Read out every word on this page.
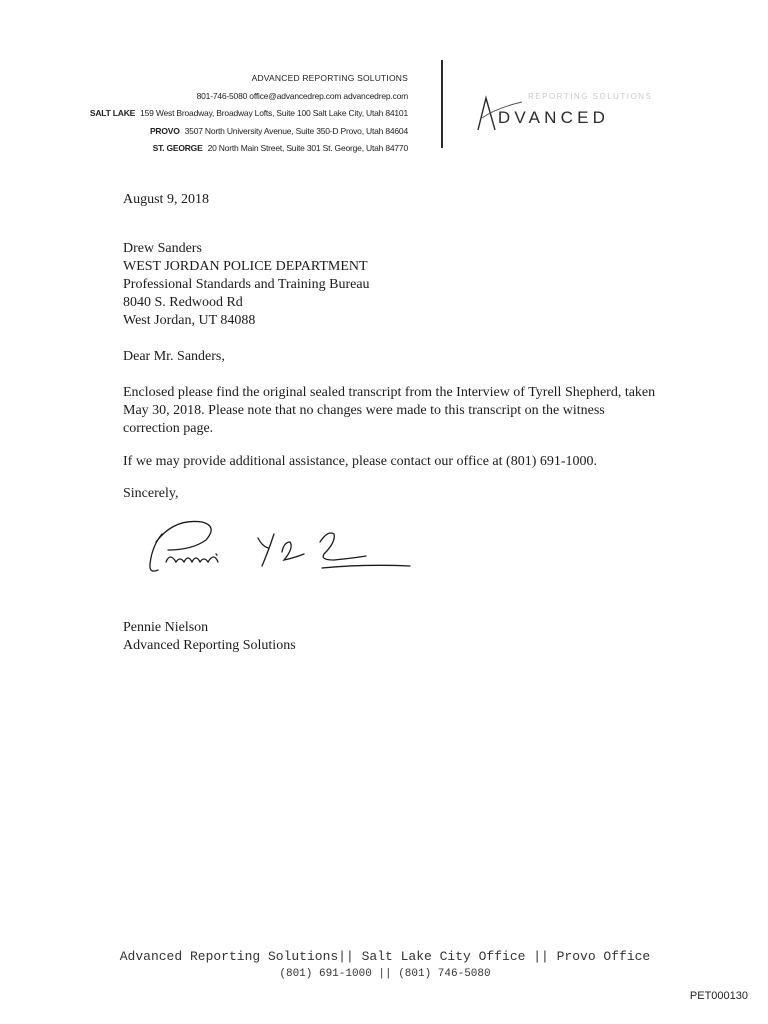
ADVANCED REPORTING SOLUTIONS
801-746-5080 office@advancedrep.com advancedrep.com
SALT LAKE 159 West Broadway, Broadway Lofts, Suite 100 Salt Lake City, Utah 84101
PROVO 3507 North University Avenue, Suite 350-D Provo, Utah 84604
ST. GEORGE 20 North Main Street, Suite 301 St. George, Utah 84770
REPORTING SOLUTIONS
DVANCED

August 9, 2018

Drew Sanders
WEST JORDAN POLICE DEPARTMENT
Professional Standards and Training Bureau
8040 S. Redwood Rd
West Jordan, UT 84088

Dear Mr. Sanders,

Enclosed please find the original sealed transcript from the Interview of Tyrell Shepherd, taken May 30, 2018. Please note that no changes were made to this transcript on the witness correction page.

If we may provide additional assistance, please contact our office at (801) 691-1000.

Sincerely,

Pennie Nielson
Advanced Reporting Solutions
Advanced Reporting Solutions|| Salt Lake City Office || Provo Office
(801) 691-1000 || (801) 746-5080
PET000130
